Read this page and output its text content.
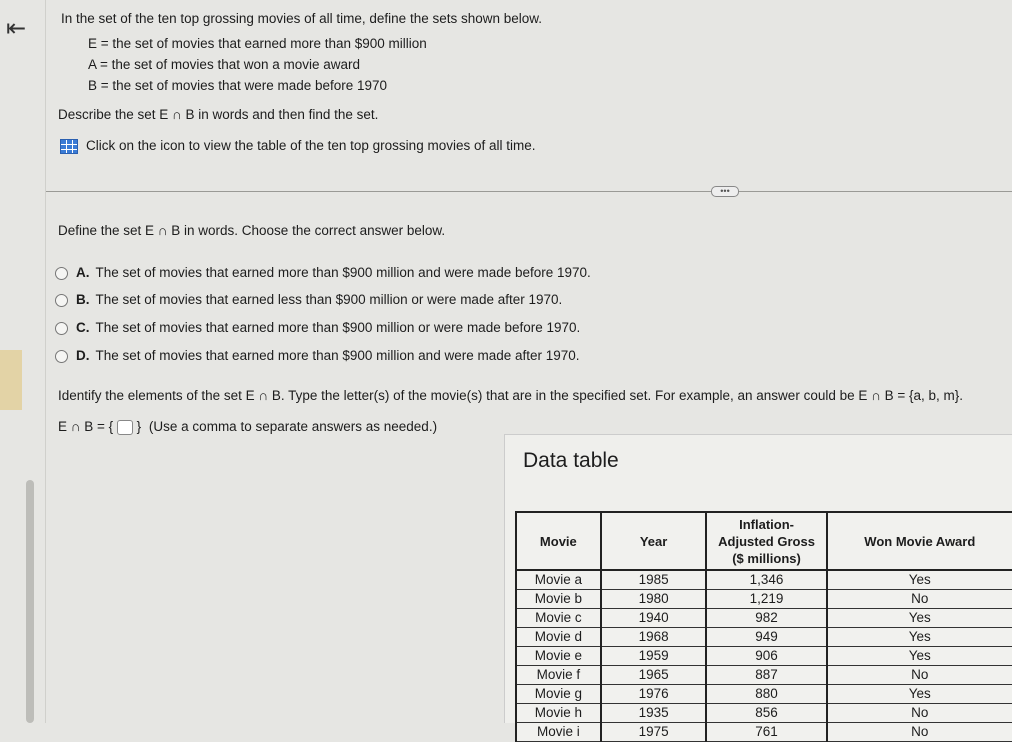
⇤	In the set of the ten top grossing movies of all time, define the sets shown below.
E = the set of movies that earned more than $900 million
A = the set of movies that won a movie award
B = the set of movies that were made before 1970
Describe the set E ∩ B in words and then find the set.
Click on the icon to view the table of the ten top grossing movies of all time.
•••
Define the set E ∩ B in words. Choose the correct answer below.
A. The set of movies that earned more than $900 million and were made before 1970.
B. The set of movies that earned less than $900 million or were made after 1970.
C. The set of movies that earned more than $900 million or were made before 1970.
D. The set of movies that earned more than $900 million and were made after 1970.
Identify the elements of the set E ∩ B. Type the letter(s) of the movie(s) that are in the specified set. For example, an answer could be E ∩ B = {a, b, m}.
E ∩ B = { } (Use a comma to separate answers as needed.)
Data table
Movie	Year	Inflation-Adjusted Gross ($ millions)	Won Movie Award
Movie a	1985	1,346	Yes
Movie b	1980	1,219	No
Movie c	1940	982	Yes
Movie d	1968	949	Yes
Movie e	1959	906	Yes
Movie f	1965	887	No
Movie g	1976	880	Yes
Movie h	1935	856	No
Movie i	1975	761	No
